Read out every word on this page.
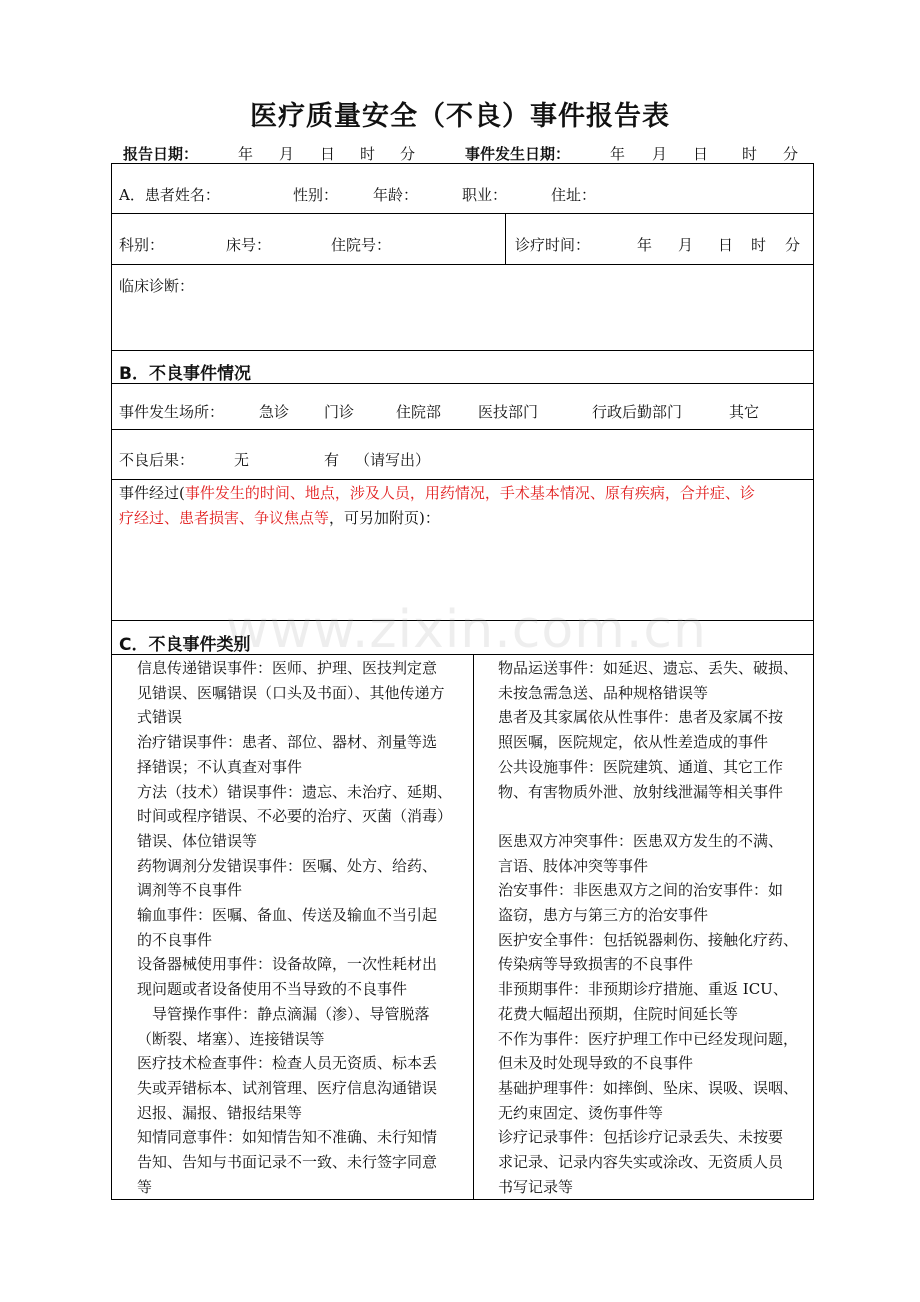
医疗质量安全（不良）事件报告表
报告日期：	年 月 日 时 分	事件发生日期：	年 月 日 时 分
A．患者姓名：	性别： 年龄：	职业：	住址：
科别：	床号：	住院号：	诊疗时间：	年 月 日 时 分
临床诊断：
B．不良事件情况
事件发生场所： 急诊 门诊	住院部 医技部门	行政后勤部门	其它
不良后果：	无	有 （请写出）
事件经过(事件发生的时间、地点，涉及人员，用药情况，手术基本情况、原有疾病，合并症、诊
疗经过、患者损害、争议焦点等，可另加附页)：
www.zixin.com.cn
C．不良事件类别
信息传递错误事件：医师、护理、医技判定意
见错误、医嘱错误（口头及书面）、其他传递方
式错误
治疗错误事件：患者、部位、器材、剂量等选
择错误；不认真查对事件
方法（技术）错误事件：遗忘、未治疗、延期、
时间或程序错误、不必要的治疗、灭菌（消毒）
错误、体位错误等
药物调剂分发错误事件：医嘱、处方、给药、
调剂等不良事件
输血事件：医嘱、备血、传送及输血不当引起
的不良事件
设备器械使用事件：设备故障，一次性耗材出
现问题或者设备使用不当导致的不良事件
导管操作事件：静点滴漏（渗）、导管脱落
（断裂、堵塞）、连接错误等
医疗技术检查事件：检查人员无资质、标本丢
失或弄错标本、试剂管理、医疗信息沟通错误
迟报、漏报、错报结果等
知情同意事件：如知情告知不准确、未行知情
告知、告知与书面记录不一致、未行签字同意
等
物品运送事件：如延迟、遗忘、丢失、破损、
未按急需急送、品种规格错误等
患者及其家属依从性事件：患者及家属不按
照医嘱，医院规定，依从性差造成的事件
公共设施事件：医院建筑、通道、其它工作
物、有害物质外泄、放射线泄漏等相关事件
医患双方冲突事件：医患双方发生的不满、
言语、肢体冲突等事件
治安事件：非医患双方之间的治安事件：如
盗窃，患方与第三方的治安事件
医护安全事件：包括锐器刺伤、接触化疗药、
传染病等导致损害的不良事件
非预期事件：非预期诊疗措施、重返 ICU、
花费大幅超出预期，住院时间延长等
不作为事件：医疗护理工作中已经发现问题，
但未及时处现导致的不良事件
基础护理事件：如摔倒、坠床、误吸、误咽、
无约束固定、烫伤事件等
诊疗记录事件：包括诊疗记录丢失、未按要
求记录、记录内容失实或涂改、无资质人员
书写记录等
